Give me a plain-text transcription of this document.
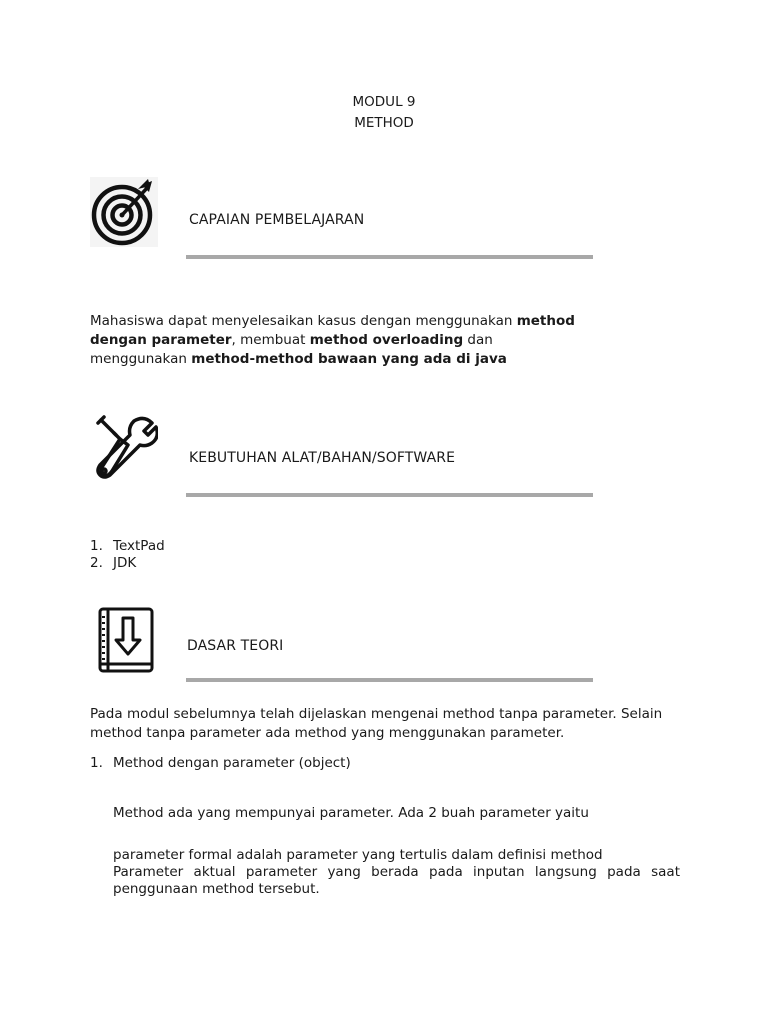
MODUL 9
METHOD
CAPAIAN PEMBELAJARAN

Mahasiswa dapat menyelesaikan kasus dengan menggunakan method

dengan parameter, membuat method overloading dan

menggunakan method-method bawaan yang ada di java

KEBUTUHAN ALAT/BAHAN/SOFTWARE
1. TextPad
2. JDK
DASAR TEORI

Pada modul sebelumnya telah dijelaskan mengenai method tanpa parameter. Selain

method tanpa parameter ada method yang menggunakan parameter.

1. Method dengan parameter (object)
Method ada yang mempunyai parameter. Ada 2 buah parameter yaitu

parameter formal adalah parameter yang tertulis dalam definisi method

Parameter aktual parameter yang berada pada inputan langsung pada saat penggunaan method tersebut.
